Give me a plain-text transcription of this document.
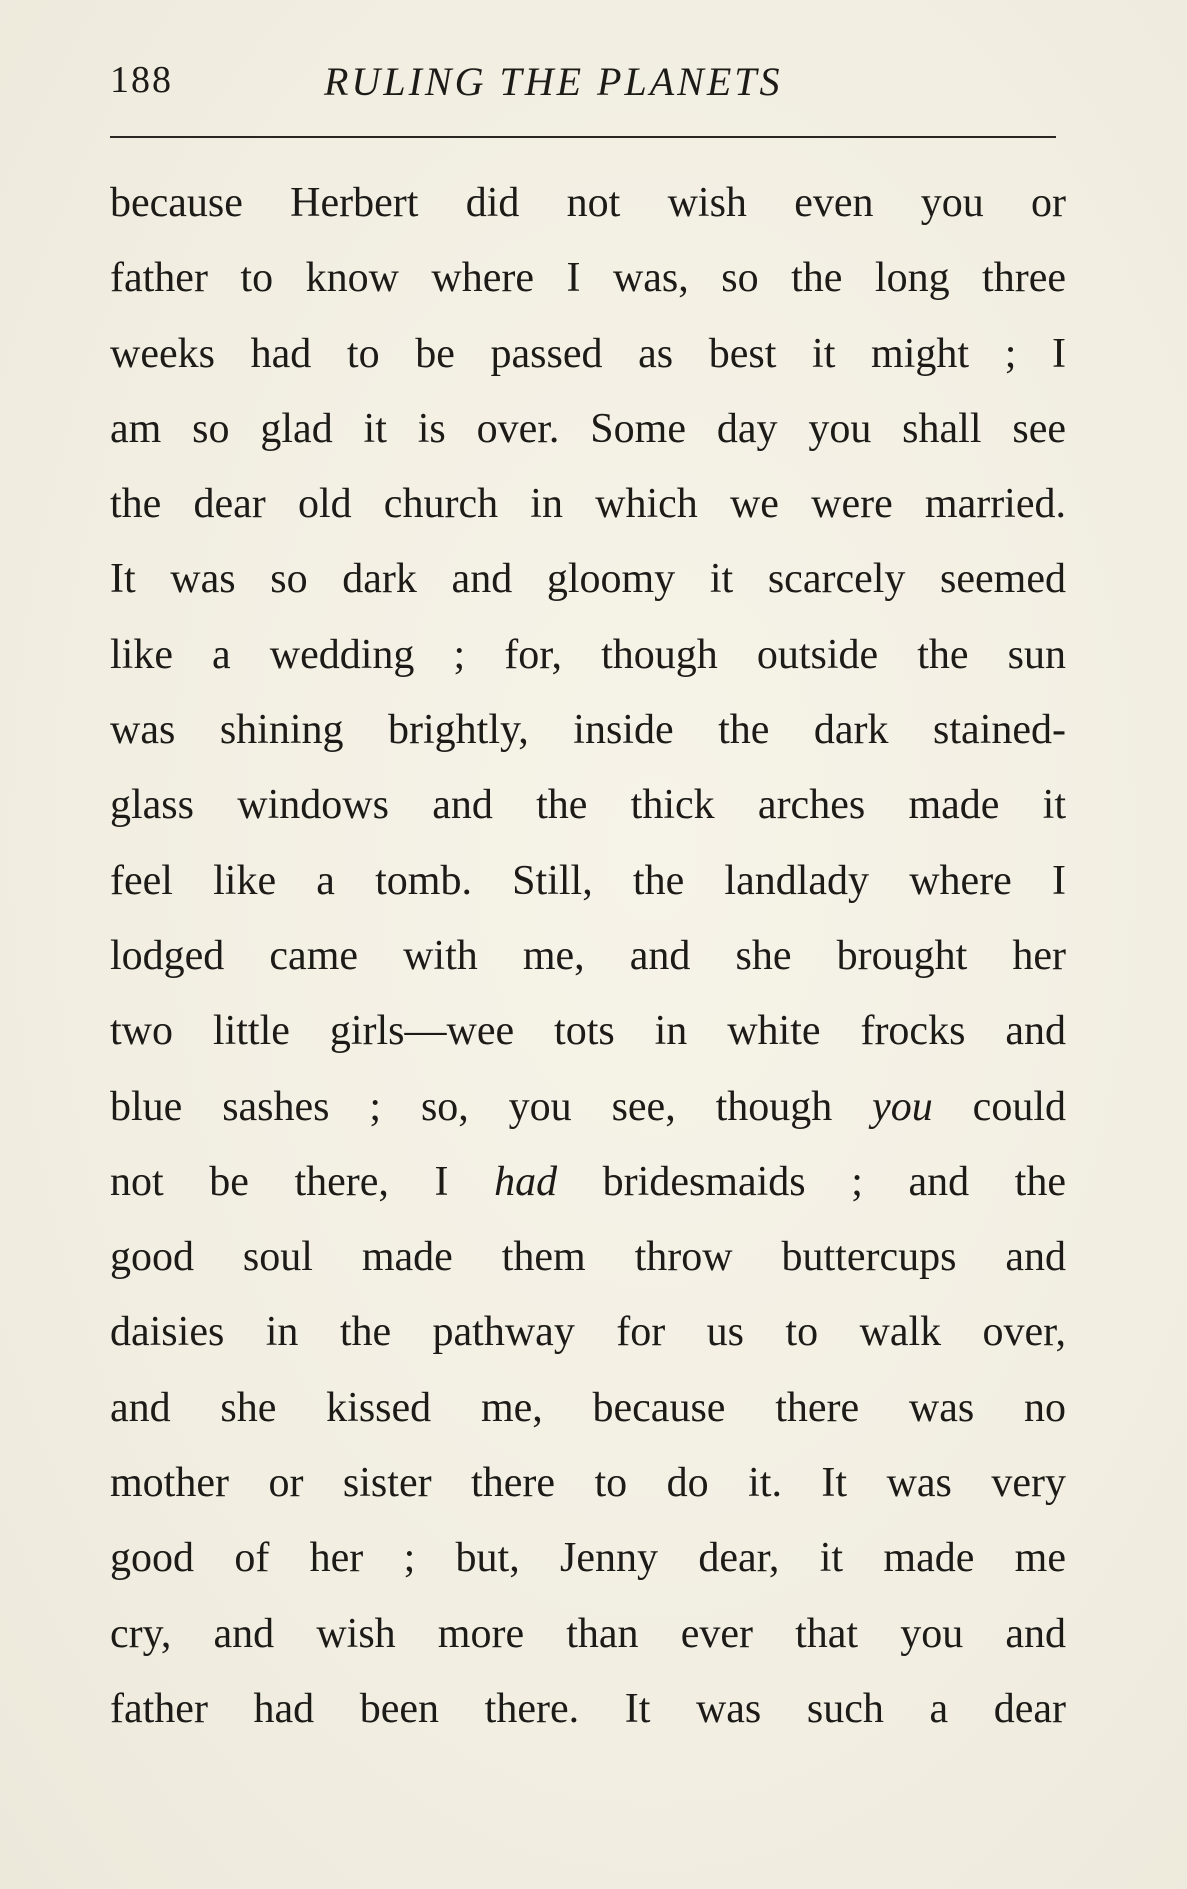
188	RULING THE PLANETS
because Herbert did not wish even you or
father to know where I was, so the long three
weeks had to be passed as best it might ; I
am so glad it is over. Some day you shall see
the dear old church in which we were married.
It was so dark and gloomy it scarcely seemed
like a wedding ; for, though outside the sun
was shining brightly, inside the dark stained-
glass windows and the thick arches made it
feel like a tomb. Still, the landlady where I
lodged came with me, and she brought her
two little girls—wee tots in white frocks and
blue sashes ; so, you see, though you could
not be there, I had bridesmaids ; and the
good soul made them throw buttercups and
daisies in the pathway for us to walk over,
and she kissed me, because there was no
mother or sister there to do it. It was very
good of her ; but, Jenny dear, it made me
cry, and wish more than ever that you and
father had been there. It was such a dear
